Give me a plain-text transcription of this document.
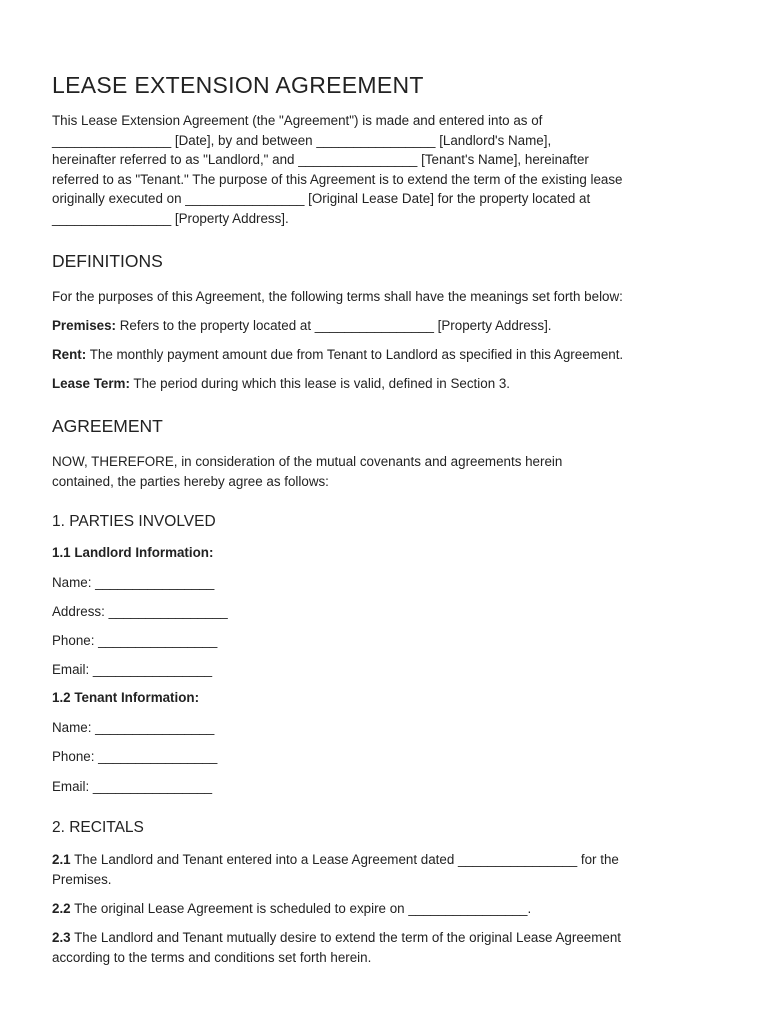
LEASE EXTENSION AGREEMENT
This Lease Extension Agreement (the "Agreement") is made and entered into as of
________________ [Date], by and between ________________ [Landlord's Name],
hereinafter referred to as "Landlord," and ________________ [Tenant's Name], hereinafter
referred to as "Tenant." The purpose of this Agreement is to extend the term of the existing lease
originally executed on ________________ [Original Lease Date] for the property located at
________________ [Property Address].
DEFINITIONS
For the purposes of this Agreement, the following terms shall have the meanings set forth below:
Premises: Refers to the property located at ________________ [Property Address].
Rent: The monthly payment amount due from Tenant to Landlord as specified in this Agreement.
Lease Term: The period during which this lease is valid, defined in Section 3.
AGREEMENT
NOW, THEREFORE, in consideration of the mutual covenants and agreements herein
contained, the parties hereby agree as follows:
1. PARTIES INVOLVED
1.1 Landlord Information:
Name: ________________
Address: ________________
Phone: ________________
Email: ________________
1.2 Tenant Information:
Name: ________________
Phone: ________________
Email: ________________
2. RECITALS
2.1 The Landlord and Tenant entered into a Lease Agreement dated ________________ for the
Premises.
2.2 The original Lease Agreement is scheduled to expire on ________________.
2.3 The Landlord and Tenant mutually desire to extend the term of the original Lease Agreement
according to the terms and conditions set forth herein.
